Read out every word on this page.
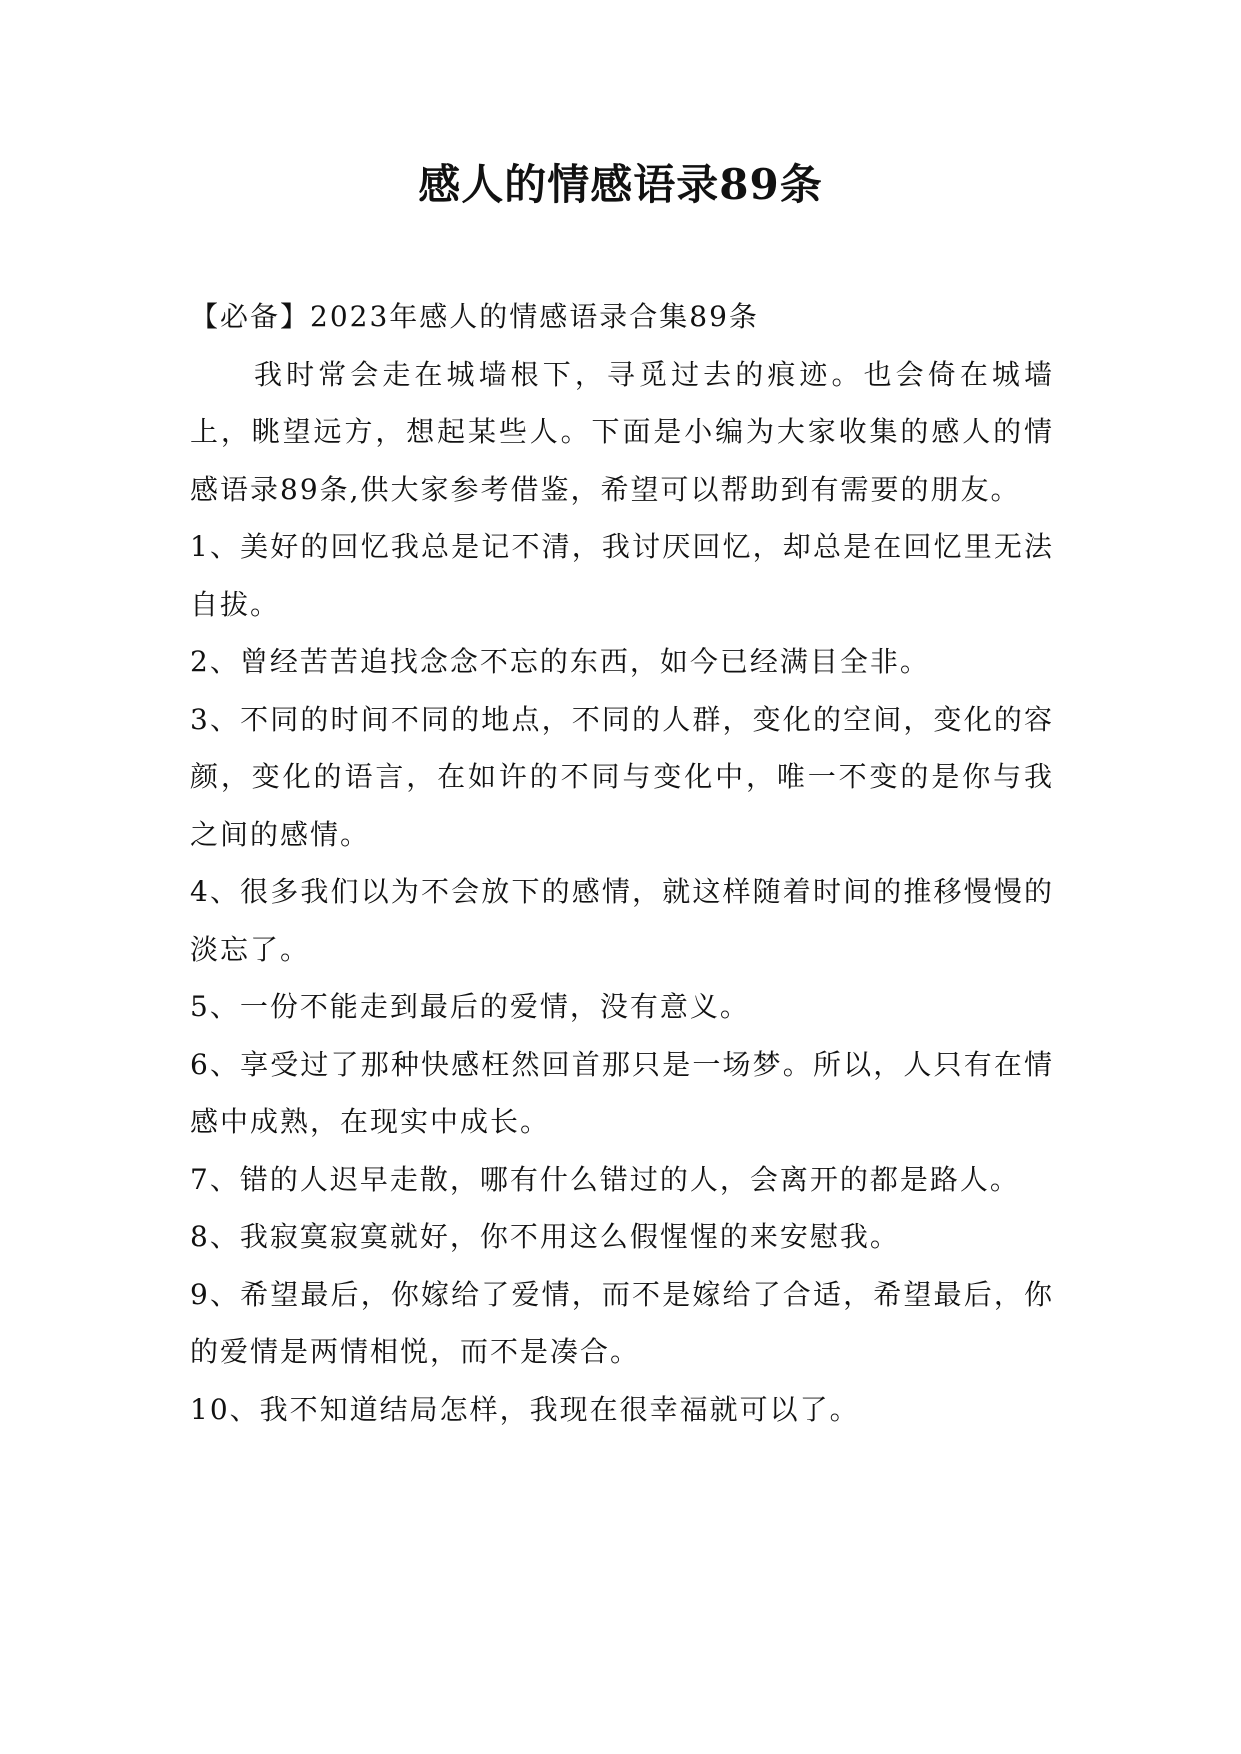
感人的情感语录89条

【必备】2023年感人的情感语录合集89条

我时常会走在城墙根下，寻觅过去的痕迹。也会倚在城墙上，眺望远方，想起某些人。下面是小编为大家收集的感人的情感语录89条,供大家参考借鉴，希望可以帮助到有需要的朋友。

1、美好的回忆我总是记不清，我讨厌回忆，却总是在回忆里无法自拔。

2、曾经苦苦追找念念不忘的东西，如今已经满目全非。

3、不同的时间不同的地点，不同的人群，变化的空间，变化的容颜，变化的语言，在如许的不同与变化中，唯一不变的是你与我之间的感情。

4、很多我们以为不会放下的感情，就这样随着时间的推移慢慢的淡忘了。

5、一份不能走到最后的爱情，没有意义。

6、享受过了那种快感枉然回首那只是一场梦。所以，人只有在情感中成熟，在现实中成长。

7、错的人迟早走散，哪有什么错过的人，会离开的都是路人。

8、我寂寞寂寞就好，你不用这么假惺惺的来安慰我。

9、希望最后，你嫁给了爱情，而不是嫁给了合适，希望最后，你的爱情是两情相悦，而不是凑合。

10、我不知道结局怎样，我现在很幸福就可以了。
